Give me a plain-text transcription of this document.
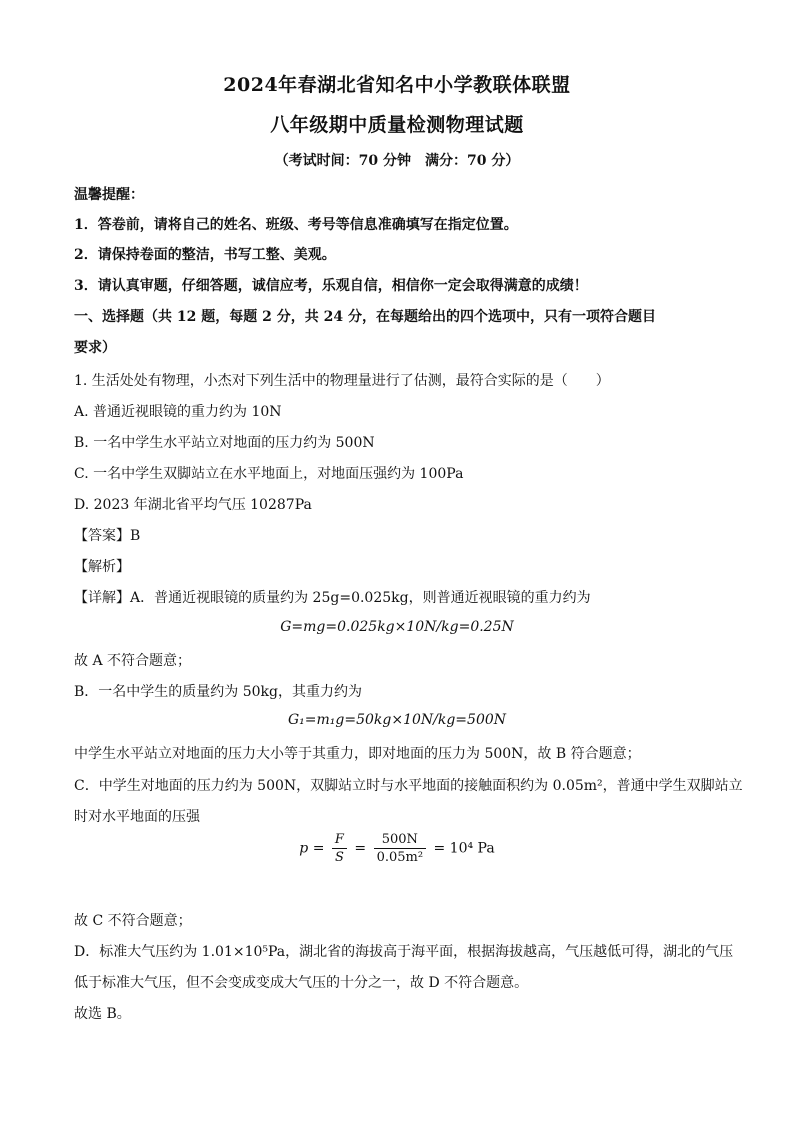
2024年春湖北省知名中小学教联体联盟
八年级期中质量检测物理试题
（考试时间：70 分钟　满分：70 分）
温馨提醒：
1．答卷前，请将自己的姓名、班级、考号等信息准确填写在指定位置。
2．请保持卷面的整洁，书写工整、美观。
3．请认真审题，仔细答题，诚信应考，乐观自信，相信你一定会取得满意的成绩！
一、选择题（共 12 题，每题 2 分，共 24 分，在每题给出的四个选项中，只有一项符合题目
要求）
1. 生活处处有物理，小杰对下列生活中的物理量进行了估测，最符合实际的是（　　）
A. 普通近视眼镜的重力约为 10N
B. 一名中学生水平站立对地面的压力约为 500N
C. 一名中学生双脚站立在水平地面上，对地面压强约为 100Pa
D. 2023 年湖北省平均气压 10287Pa
【答案】B
【解析】
【详解】A．普通近视眼镜的质量约为 25g=0.025kg，则普通近视眼镜的重力约为
G=mg=0.025kg×10N/kg=0.25N
故 A 不符合题意；
B．一名中学生的质量约为 50kg，其重力约为
G₁=m₁g=50kg×10N/kg=500N
中学生水平站立对地面的压力大小等于其重力，即对地面的压力为 500N，故 B 符合题意；
C．中学生对地面的压力约为 500N，双脚站立时与水平地面的接触面积约为 0.05m²，普通中学生双脚站立
时对水平地面的压强
$p = \frac{F}{S} = \frac{500N}{\text{0.05m²}} = 10^4$ Pa
故 C 不符合题意；
D．标准大气压约为 1.01×10⁵Pa，湖北省的海拔高于海平面，根据海拔越高，气压越低可得，湖北的气压
低于标准大气压，但不会变成变成大气压的十分之一，故 D 不符合题意。
故选 B。
